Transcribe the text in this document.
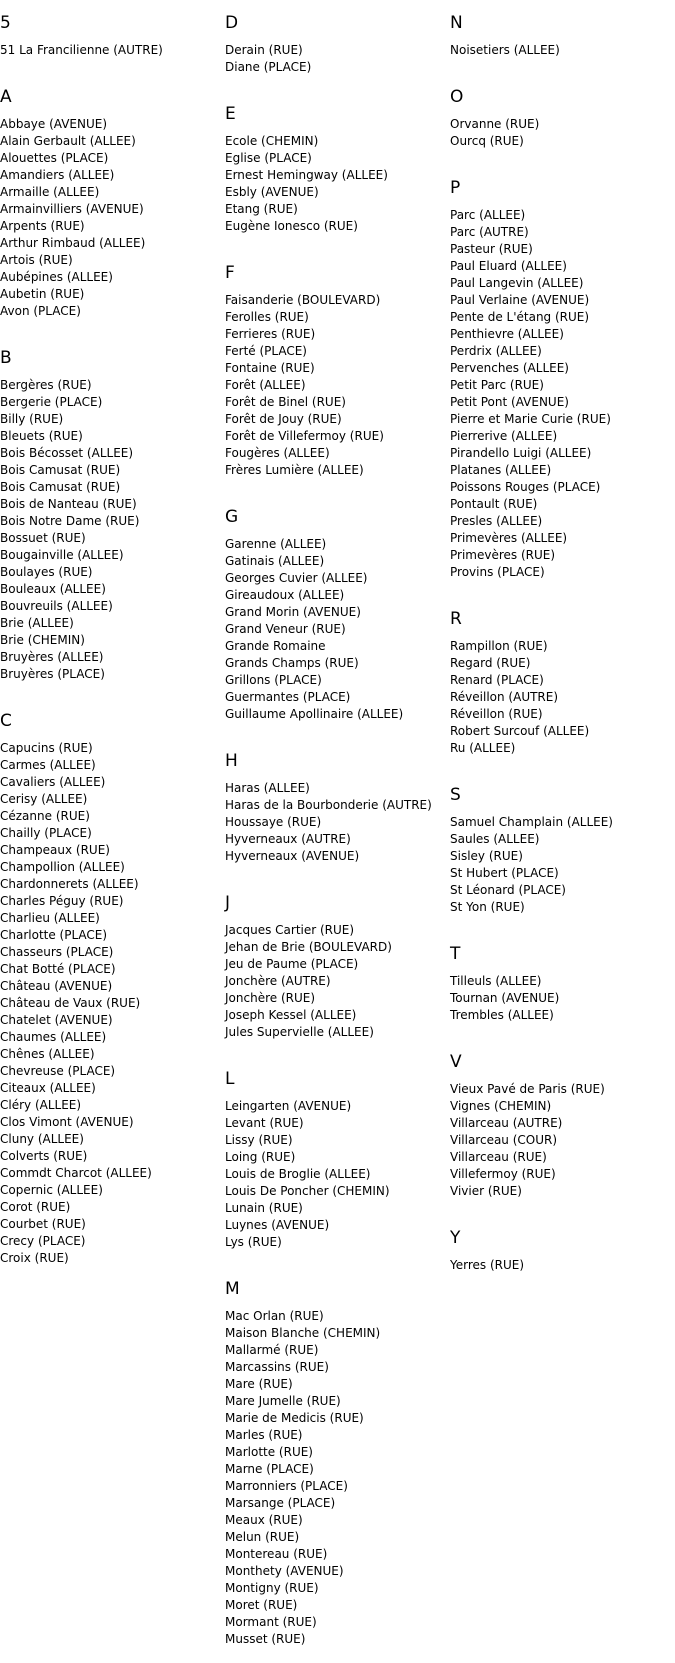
5
51 La Francilienne (AUTRE)
A
Abbaye (AVENUE)
Alain Gerbault (ALLEE)
Alouettes (PLACE)
Amandiers (ALLEE)
Armaille (ALLEE)
Armainvilliers (AVENUE)
Arpents (RUE)
Arthur Rimbaud (ALLEE)
Artois (RUE)
Aubépines (ALLEE)
Aubetin (RUE)
Avon (PLACE)
B
Bergères (RUE)
Bergerie (PLACE)
Billy (RUE)
Bleuets (RUE)
Bois Bécosset (ALLEE)
Bois Camusat (RUE)
Bois Camusat (RUE)
Bois de Nanteau (RUE)
Bois Notre Dame (RUE)
Bossuet (RUE)
Bougainville (ALLEE)
Boulayes (RUE)
Bouleaux (ALLEE)
Bouvreuils (ALLEE)
Brie (ALLEE)
Brie (CHEMIN)
Bruyères (ALLEE)
Bruyères (PLACE)
C
Capucins (RUE)
Carmes (ALLEE)
Cavaliers (ALLEE)
Cerisy (ALLEE)
Cézanne (RUE)
Chailly (PLACE)
Champeaux (RUE)
Champollion (ALLEE)
Chardonnerets (ALLEE)
Charles Péguy (RUE)
Charlieu (ALLEE)
Charlotte (PLACE)
Chasseurs (PLACE)
Chat Botté (PLACE)
Château (AVENUE)
Château de Vaux (RUE)
Chatelet (AVENUE)
Chaumes (ALLEE)
Chênes (ALLEE)
Chevreuse (PLACE)
Citeaux (ALLEE)
Cléry (ALLEE)
Clos Vimont (AVENUE)
Cluny (ALLEE)
Colverts (RUE)
Commdt Charcot (ALLEE)
Copernic (ALLEE)
Corot (RUE)
Courbet (RUE)
Crecy (PLACE)
Croix (RUE)
D
Derain (RUE)
Diane (PLACE)
E
Ecole (CHEMIN)
Eglise (PLACE)
Ernest Hemingway (ALLEE)
Esbly (AVENUE)
Etang (RUE)
Eugène Ionesco (RUE)
F
Faisanderie (BOULEVARD)
Ferolles (RUE)
Ferrieres (RUE)
Ferté (PLACE)
Fontaine (RUE)
Forêt (ALLEE)
Forêt de Binel (RUE)
Forêt de Jouy (RUE)
Forêt de Villefermoy (RUE)
Fougères (ALLEE)
Frères Lumière (ALLEE)
G
Garenne (ALLEE)
Gatinais (ALLEE)
Georges Cuvier (ALLEE)
Gireaudoux (ALLEE)
Grand Morin (AVENUE)
Grand Veneur (RUE)
Grande Romaine
Grands Champs (RUE)
Grillons (PLACE)
Guermantes (PLACE)
Guillaume Apollinaire (ALLEE)
H
Haras (ALLEE)
Haras de la Bourbonderie (AUTRE)
Houssaye (RUE)
Hyverneaux (AUTRE)
Hyverneaux (AVENUE)
J
Jacques Cartier (RUE)
Jehan de Brie (BOULEVARD)
Jeu de Paume (PLACE)
Jonchère (AUTRE)
Jonchère (RUE)
Joseph Kessel (ALLEE)
Jules Supervielle (ALLEE)
L
Leingarten (AVENUE)
Levant (RUE)
Lissy (RUE)
Loing (RUE)
Louis de Broglie (ALLEE)
Louis De Poncher (CHEMIN)
Lunain (RUE)
Luynes (AVENUE)
Lys (RUE)
M
Mac Orlan (RUE)
Maison Blanche (CHEMIN)
Mallarmé (RUE)
Marcassins (RUE)
Mare (RUE)
Mare Jumelle (RUE)
Marie de Medicis (RUE)
Marles (RUE)
Marlotte (RUE)
Marne (PLACE)
Marronniers (PLACE)
Marsange (PLACE)
Meaux (RUE)
Melun (RUE)
Montereau (RUE)
Monthety (AVENUE)
Montigny (RUE)
Moret (RUE)
Mormant (RUE)
Musset (RUE)
N
Noisetiers (ALLEE)
O
Orvanne (RUE)
Ourcq (RUE)
P
Parc (ALLEE)
Parc (AUTRE)
Pasteur (RUE)
Paul Eluard (ALLEE)
Paul Langevin (ALLEE)
Paul Verlaine (AVENUE)
Pente de L'étang (RUE)
Penthievre (ALLEE)
Perdrix (ALLEE)
Pervenches (ALLEE)
Petit Parc (RUE)
Petit Pont (AVENUE)
Pierre et Marie Curie (RUE)
Pierrerive (ALLEE)
Pirandello Luigi (ALLEE)
Platanes (ALLEE)
Poissons Rouges (PLACE)
Pontault (RUE)
Presles (ALLEE)
Primevères (ALLEE)
Primevères (RUE)
Provins (PLACE)
R
Rampillon (RUE)
Regard (RUE)
Renard (PLACE)
Réveillon (AUTRE)
Réveillon (RUE)
Robert Surcouf (ALLEE)
Ru (ALLEE)
S
Samuel Champlain (ALLEE)
Saules (ALLEE)
Sisley (RUE)
St Hubert (PLACE)
St Léonard (PLACE)
St Yon (RUE)
T
Tilleuls (ALLEE)
Tournan (AVENUE)
Trembles (ALLEE)
V
Vieux Pavé de Paris (RUE)
Vignes (CHEMIN)
Villarceau (AUTRE)
Villarceau (COUR)
Villarceau (RUE)
Villefermoy (RUE)
Vivier (RUE)
Y
Yerres (RUE)
